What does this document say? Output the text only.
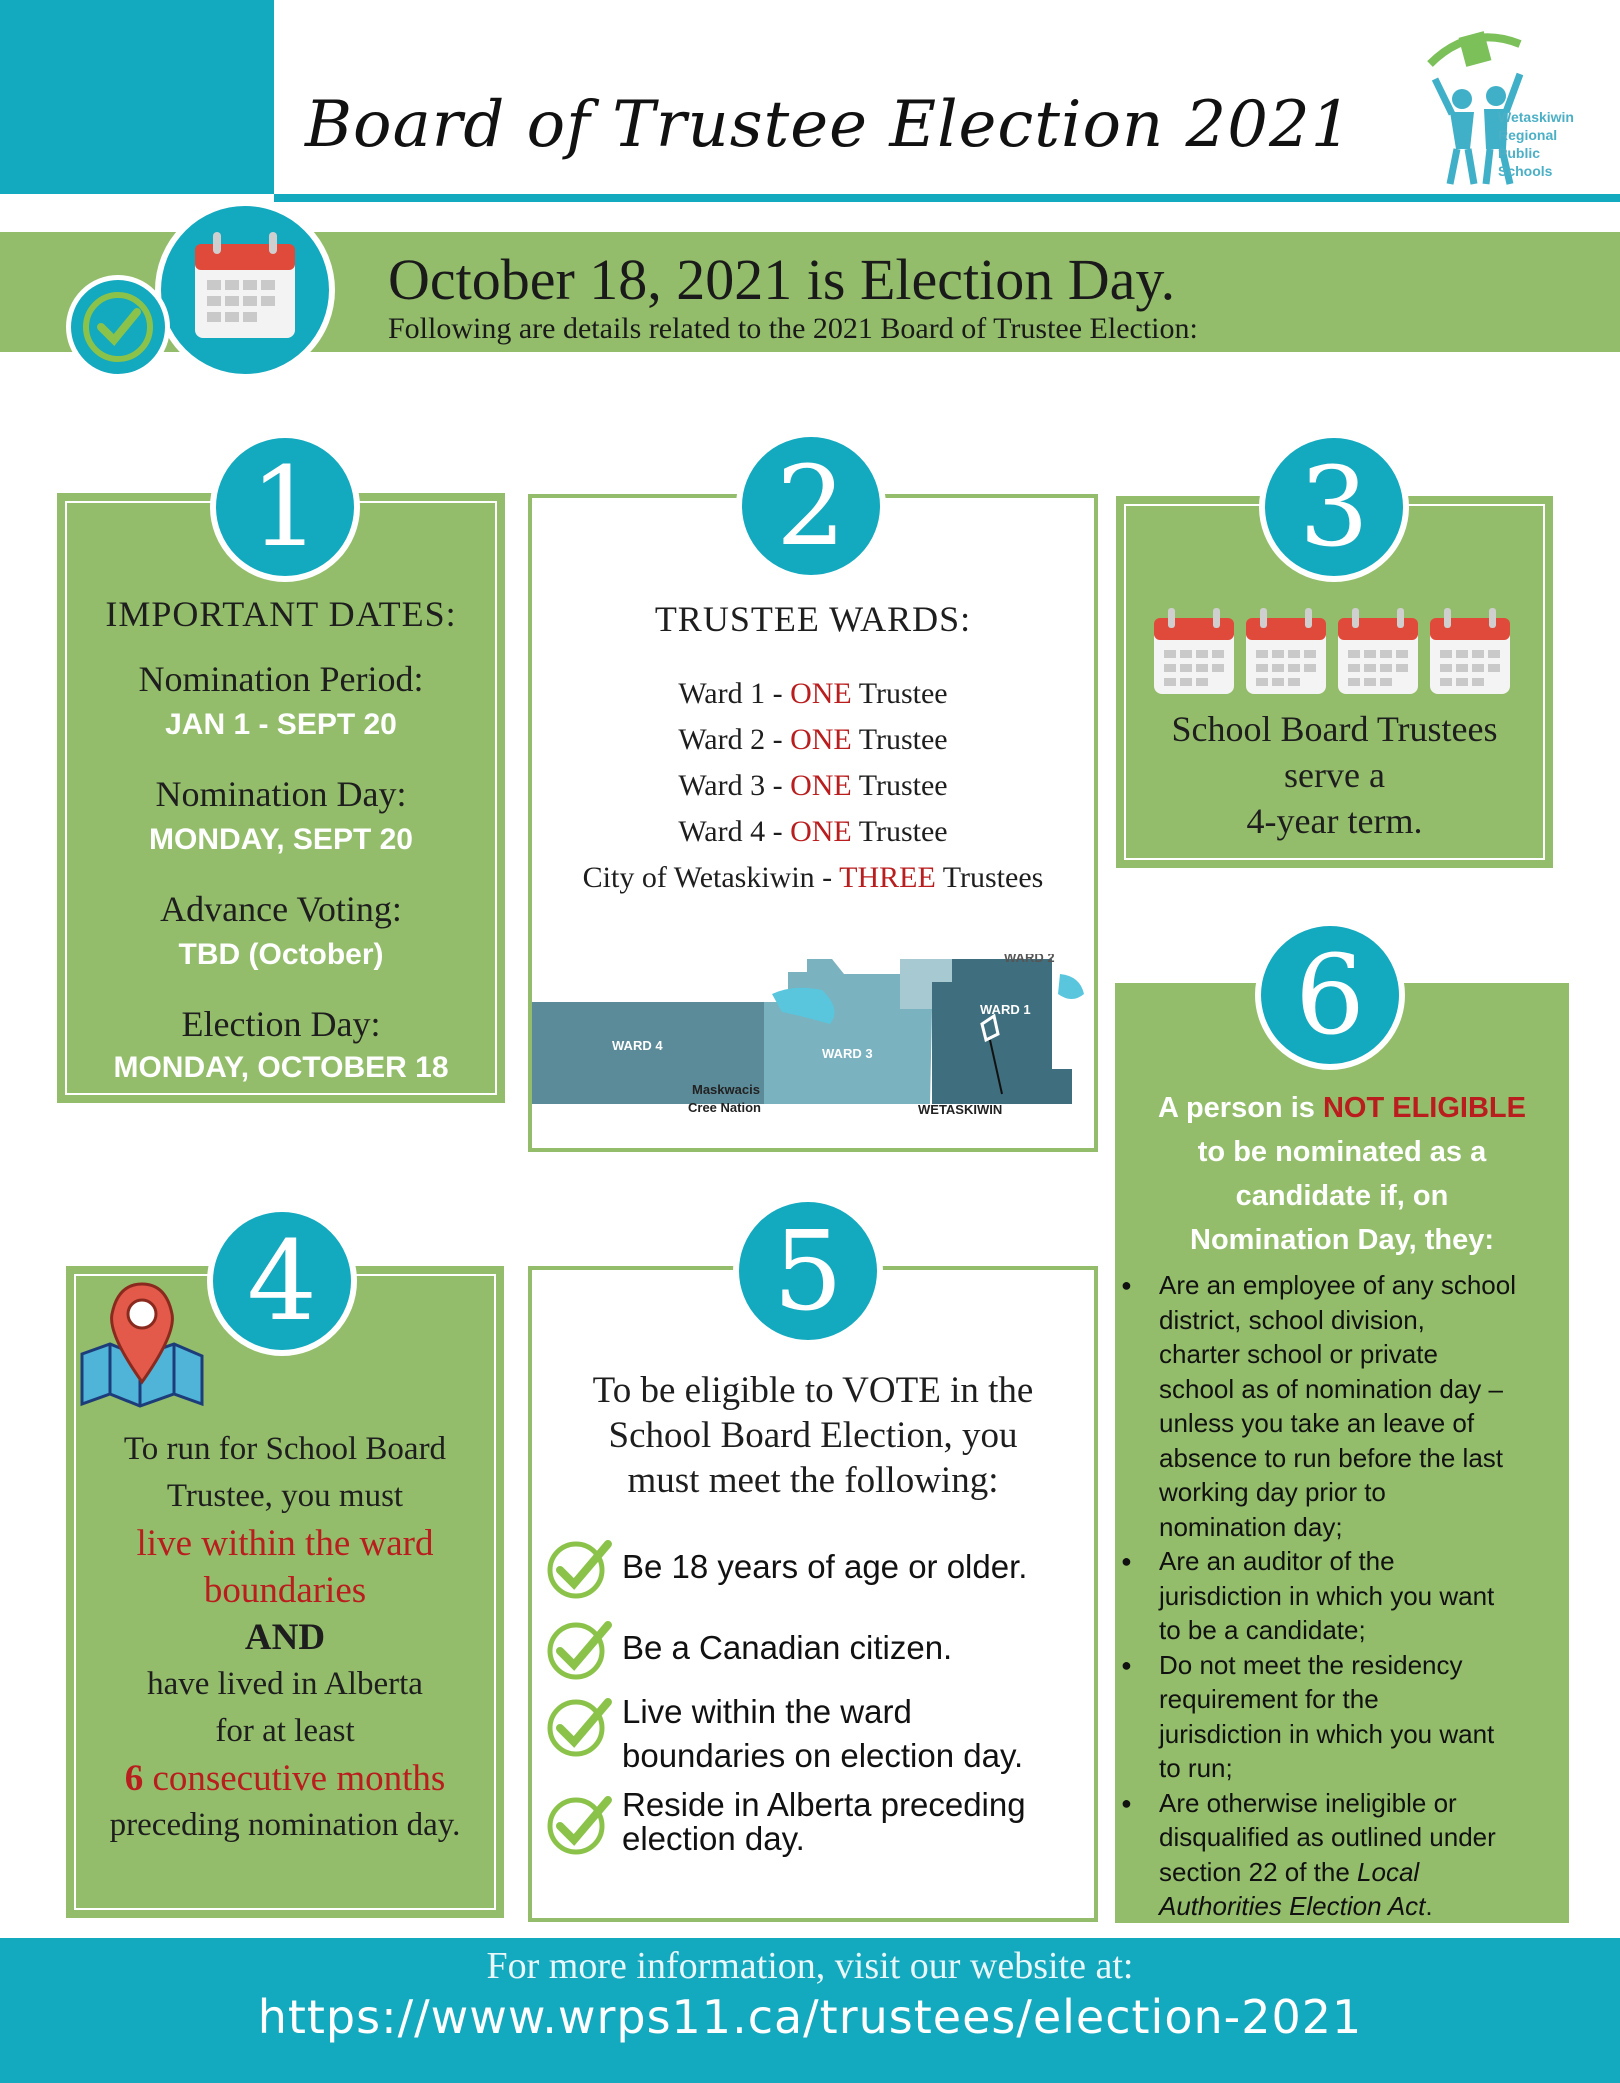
Board of Trustee Election 2021	Wetaskiwin
Regional
Public
Schools
October 18, 2021 is Election Day.
Following are details related to the 2021 Board of Trustee Election:
IMPORTANT DATES:
Nomination Period:
JAN 1 - SEPT 20
Nomination Day:
MONDAY, SEPT 20
Advance Voting:
TBD (October)
Election Day:
MONDAY, OCTOBER 18
1
TRUSTEE WARDS:
Ward 1 - ONE Trustee
Ward 2 - ONE Trustee
Ward 3 - ONE Trustee
Ward 4 - ONE Trustee
City of Wetaskiwin - THREE Trustees
WARD 2
WARD 1
WARD 3
WARD 4
Maskwacis
Cree Nation	WETASKIWIN
2
School Board Trustees
serve a
4-year term.
3
A person is NOT ELIGIBLE
to be nominated as a
candidate if, on
Nomination Day, they:
● Are an employee of any school
district, school division,
charter school or private
school as of nomination day –
unless you take an leave of
absence to run before the last
working day prior to
nomination day;
● Are an auditor of the
jurisdiction in which you want
to be a candidate;
● Do not meet the residency
requirement for the
jurisdiction in which you want
to run;
● Are otherwise ineligible or
disqualified as outlined under
section 22 of the Local
Authorities Election Act.
6
To run for School Board
Trustee, you must
live within the ward
boundaries
AND
have lived in Alberta
for at least
6 consecutive months
preceding nomination day.
4
To be eligible to VOTE in the
School Board Election, you
must meet the following:
Be 18 years of age or older.
Be a Canadian citizen.
Live within the ward
boundaries on election day.
Reside in Alberta preceding
election day.
5
For more information, visit our website at:
https://www.wrps11.ca/trustees/election-2021
